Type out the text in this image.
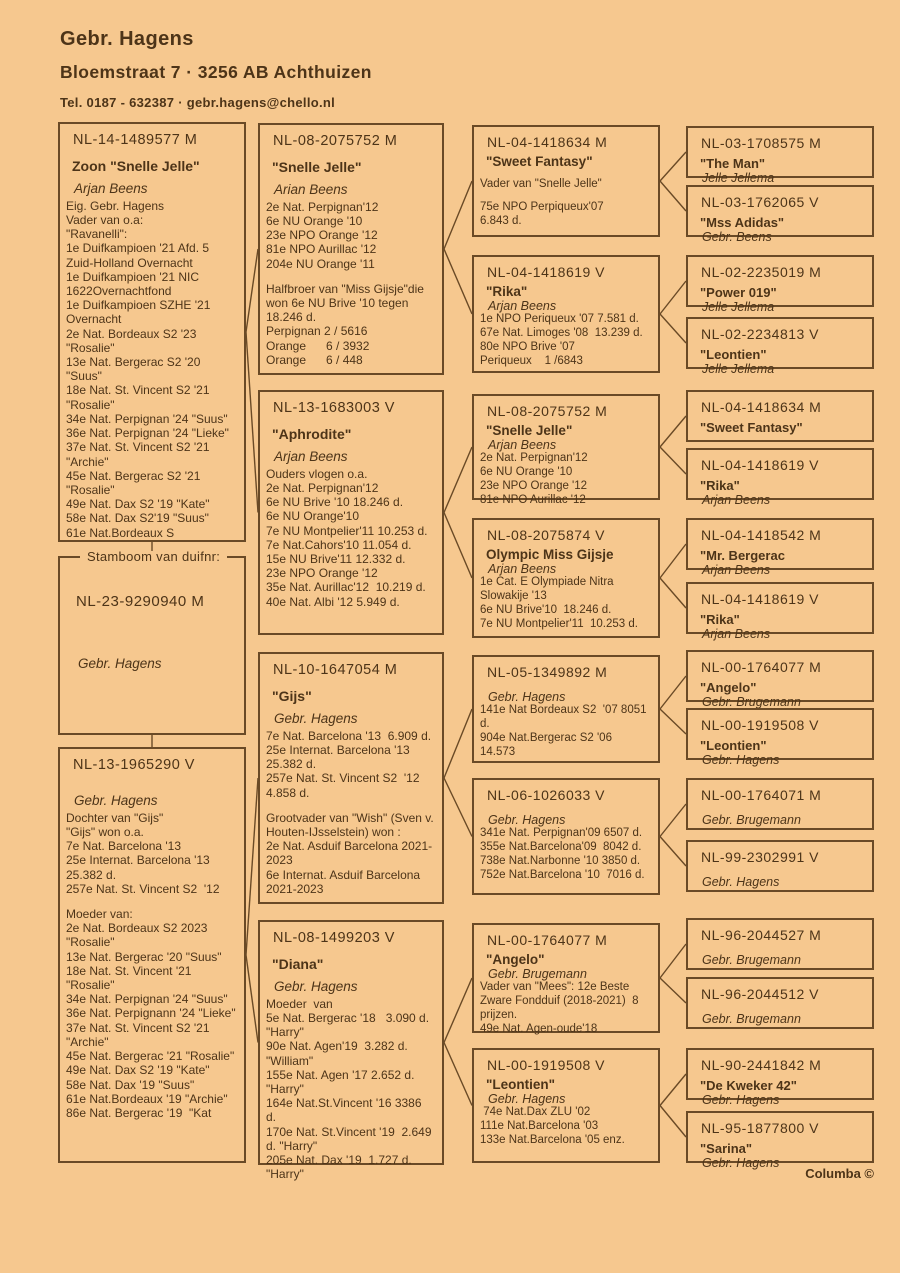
Gebr. Hagens
Bloemstraat 7 · 3256 AB Achthuizen
Tel. 0187 - 632387 · gebr.hagens@chello.nl
Stamboom van duifnr:
NL-23-9290940 M
Gebr. Hagens
NL-14-1489577 M
Zoon "Snelle Jelle"
Arjan Beens
Eig. Gebr. Hagens
Vader van o.a:
"Ravanelli":
1e Duifkampioen '21 Afd. 5
Zuid-Holland Overnacht
1e Duifkampioen '21 NIC
1622Overnachtfond
1e Duifkampioen SZHE '21
Overnacht
2e Nat. Bordeaux S2 '23
"Rosalie"
13e Nat. Bergerac S2 '20 "Suus"
18e Nat. St. Vincent S2 '21
"Rosalie"
34e Nat. Perpignan '24 "Suus"
36e Nat. Perpignan '24 "Lieke"
37e Nat. St. Vincent S2 '21
"Archie"
45e Nat. Bergerac S2 '21
"Rosalie"
49e Nat. Dax S2 '19 "Kate"
58e Nat. Dax S2'19 "Suus"
61e Nat.Bordeaux S
NL-13-1965290 V
Gebr. Hagens
Dochter van "Gijs"
"Gijs" won o.a.
7e Nat. Barcelona '13
25e Internat. Barcelona '13
25.382 d.
257e Nat. St. Vincent S2  '12
Moeder van:
2e Nat. Bordeaux S2 2023
"Rosalie"
13e Nat. Bergerac '20 "Suus"
18e Nat. St. Vincent '21
"Rosalie"
34e Nat. Perpignan '24 "Suus"
36e Nat. Perpignann '24 "Lieke"
37e Nat. St. Vincent S2 '21
"Archie"
45e Nat. Bergerac '21 "Rosalie"
49e Nat. Dax S2 '19 "Kate"
58e Nat. Dax '19 "Suus"
61e Nat.Bordeaux '19 "Archie"
86e Nat. Bergerac '19  "Kat
NL-08-2075752 M
"Snelle Jelle"
Arian Beens
2e Nat. Perpignan'12
6e NU Orange '10
23e NPO Orange '12
81e NPO Aurillac '12
204e NU Orange '11
Halfbroer van "Miss Gijsje"die
won 6e NU Brive '10 tegen
18.246 d.
Perpignan 2 / 5616
Orange      6 / 3932
Orange      6 / 448
NL-13-1683003 V
"Aphrodite"
Arjan Beens
Ouders vlogen o.a.
2e Nat. Perpignan'12
6e NU Brive '10 18.246 d.
6e NU Orange'10
7e NU Montpelier'11 10.253 d.
7e Nat.Cahors'10 11.054 d.
15e NU Brive'11 12.332 d.
23e NPO Orange '12
35e Nat. Aurillac'12  10.219 d.
40e Nat. Albi '12 5.949 d.
NL-10-1647054 M
"Gijs"
Gebr. Hagens
7e Nat. Barcelona '13  6.909 d.
25e Internat. Barcelona '13
25.382 d.
257e Nat. St. Vincent S2  '12
4.858 d.
Grootvader van "Wish" (Sven v.
Houten-IJsselstein) won :
2e Nat. Asduif Barcelona 2021-
2023
6e Internat. Asduif Barcelona
2021-2023
NL-08-1499203 V
"Diana"
Gebr. Hagens
Moeder  van
5e Nat. Bergerac '18   3.090 d.
"Harry"
90e Nat. Agen'19  3.282 d.
"William"
155e Nat. Agen '17 2.652 d.
"Harry"
164e Nat.St.Vincent '16 3386 d.
170e Nat. St.Vincent '19  2.649
d. "Harry"
205e Nat. Dax '19  1.727 d.
"Harry"
NL-04-1418634 M
"Sweet Fantasy"
Vader van "Snelle Jelle"
75e NPO Perpiqueux'07
6.843 d.
NL-04-1418619 V
"Rika"
Arjan Beens
1e NPO Periqueux '07 7.581 d.
67e Nat. Limoges '08  13.239 d.
80e NPO Brive '07
Periqueux    1 /6843
NL-08-2075752 M
"Snelle Jelle"
Arjan Beens
2e Nat. Perpignan'12
6e NU Orange '10
23e NPO Orange '12
81e NPO Aurillac '12
NL-08-2075874 V
Olympic Miss Gijsje
Arjan Beens
1e Cat. E Olympiade Nitra
Slowakije '13
6e NU Brive'10  18.246 d.
7e NU Montpelier'11  10.253 d.
NL-05-1349892 M
Gebr. Hagens
141e Nat Bordeaux S2  '07 8051
d.
904e Nat.Bergerac S2 '06
14.573
NL-06-1026033 V
Gebr. Hagens
341e Nat. Perpignan'09 6507 d.
355e Nat.Barcelona'09  8042 d.
738e Nat.Narbonne '10 3850 d.
752e Nat.Barcelona '10  7016 d.
NL-00-1764077 M
"Angelo"
Gebr. Brugemann
Vader van "Mees": 12e Beste
Zware Fondduif (2018-2021)  8
prijzen.
49e Nat. Agen-oude'18
NL-00-1919508 V
"Leontien"
Gebr. Hagens
74e Nat.Dax ZLU '02
111e Nat.Barcelona '03
133e Nat.Barcelona '05 enz.
NL-03-1708575 M
"The Man"
Jelle Jellema
NL-03-1762065 V
"Mss Adidas"
Gebr. Beens
NL-02-2235019 M
"Power 019"
Jelle Jellema
NL-02-2234813 V
"Leontien"
Jelle Jellema
NL-04-1418634 M
"Sweet Fantasy"
NL-04-1418619 V
"Rika"
Arjan Beens
NL-04-1418542 M
"Mr. Bergerac
Arjan Beens
NL-04-1418619 V
"Rika"
Arjan Beens
NL-00-1764077 M
"Angelo"
Gebr. Brugemann
NL-00-1919508 V
"Leontien"
Gebr. Hagens
NL-00-1764071 M
Gebr. Brugemann
NL-99-2302991 V
Gebr. Hagens
NL-96-2044527 M
Gebr. Brugemann
NL-96-2044512 V
Gebr. Brugemann
NL-90-2441842 M
"De Kweker 42"
Gebr. Hagens
NL-95-1877800 V
"Sarina"
Gebr. Hagens
Columba ©
